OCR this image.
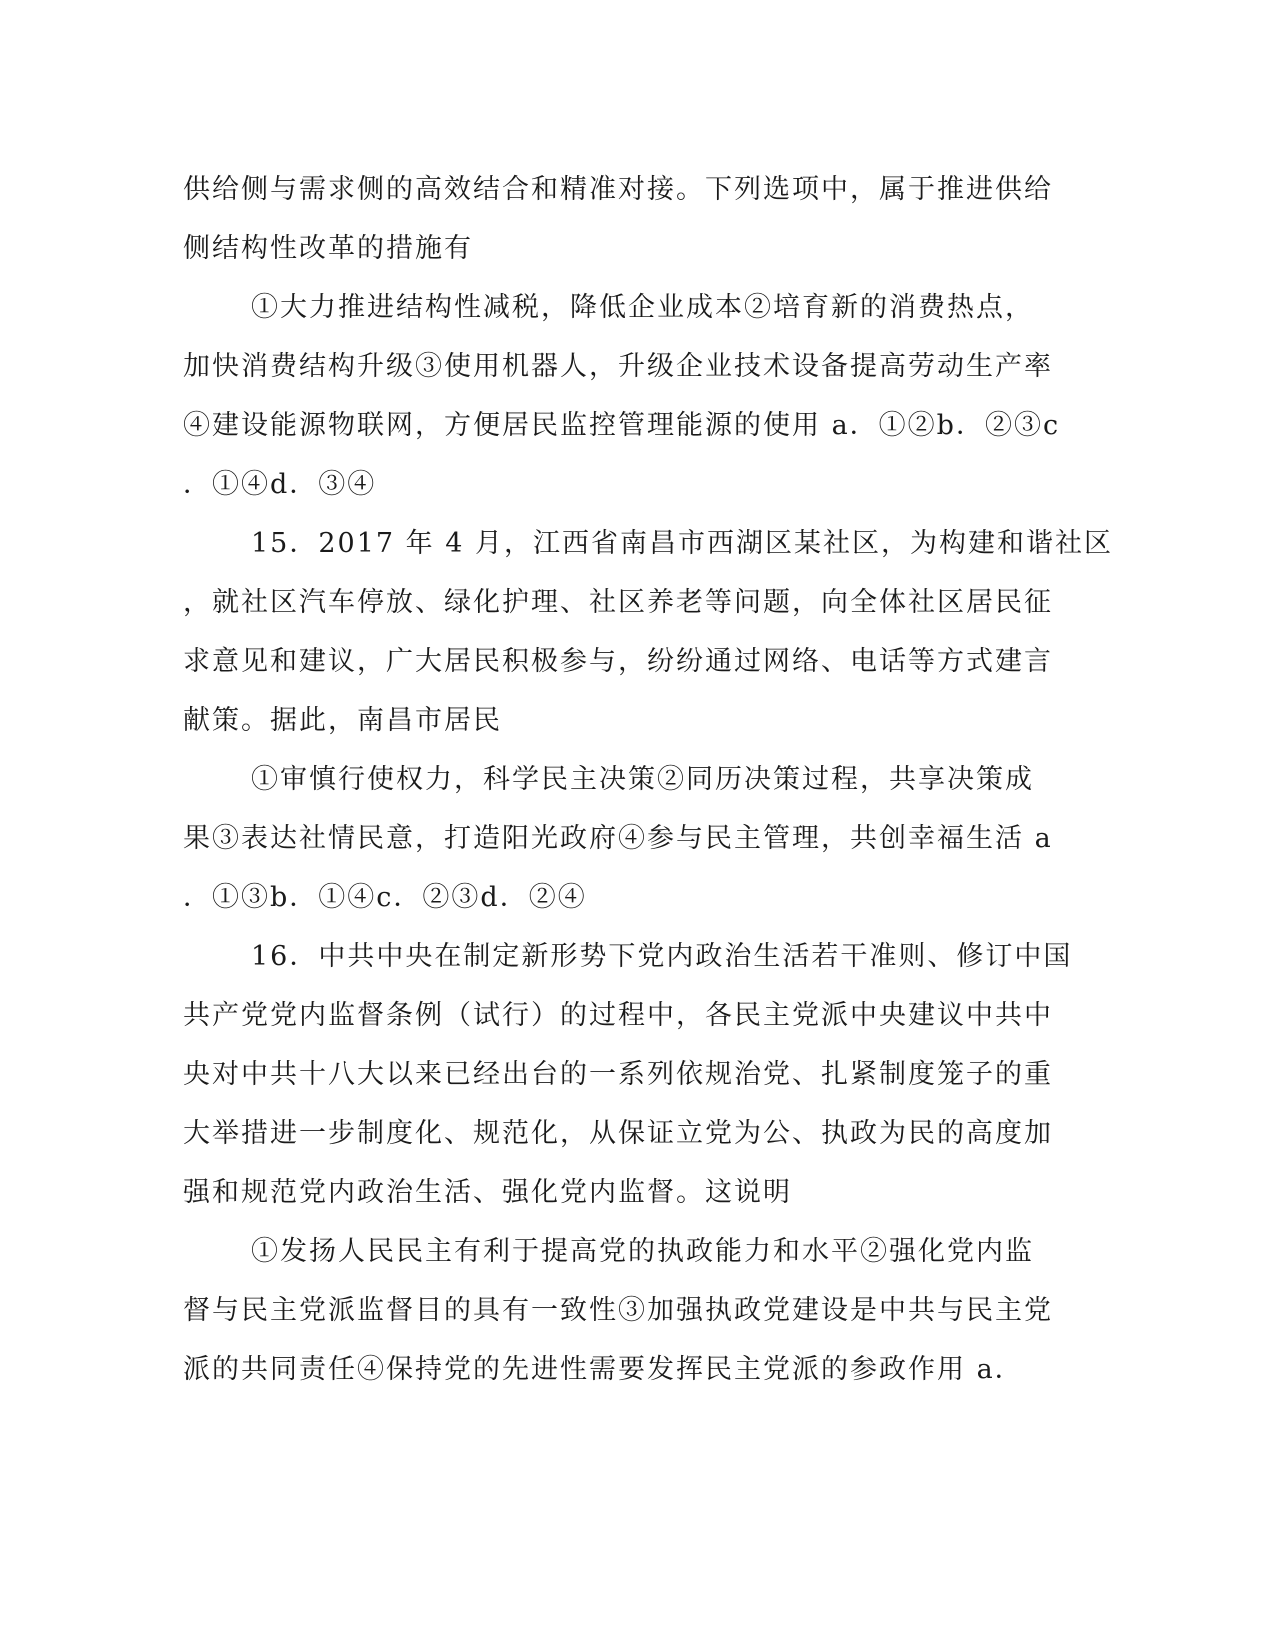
供给侧与需求侧的高效结合和精准对接。下列选项中，属于推进供给
侧结构性改革的措施有
①大力推进结构性减税，降低企业成本②培育新的消费热点，
加快消费结构升级③使用机器人，升级企业技术设备提高劳动生产率
④建设能源物联网，方便居民监控管理能源的使用 a．①②b．②③c
．①④d．③④
15．2017 年 4 月，江西省南昌市西湖区某社区，为构建和谐社区
，就社区汽车停放、绿化护理、社区养老等问题，向全体社区居民征
求意见和建议，广大居民积极参与，纷纷通过网络、电话等方式建言
献策。据此，南昌市居民
①审慎行使权力，科学民主决策②同历决策过程，共享决策成
果③表达社情民意，打造阳光政府④参与民主管理，共创幸福生活 a
．①③b．①④c．②③d．②④
16．中共中央在制定新形势下党内政治生活若干准则、修订中国
共产党党内监督条例（试行）的过程中，各民主党派中央建议中共中
央对中共十八大以来已经出台的一系列依规治党、扎紧制度笼子的重
大举措进一步制度化、规范化，从保证立党为公、执政为民的高度加
强和规范党内政治生活、强化党内监督。这说明
①发扬人民民主有利于提高党的执政能力和水平②强化党内监
督与民主党派监督目的具有一致性③加强执政党建设是中共与民主党
派的共同责任④保持党的先进性需要发挥民主党派的参政作用 a．
